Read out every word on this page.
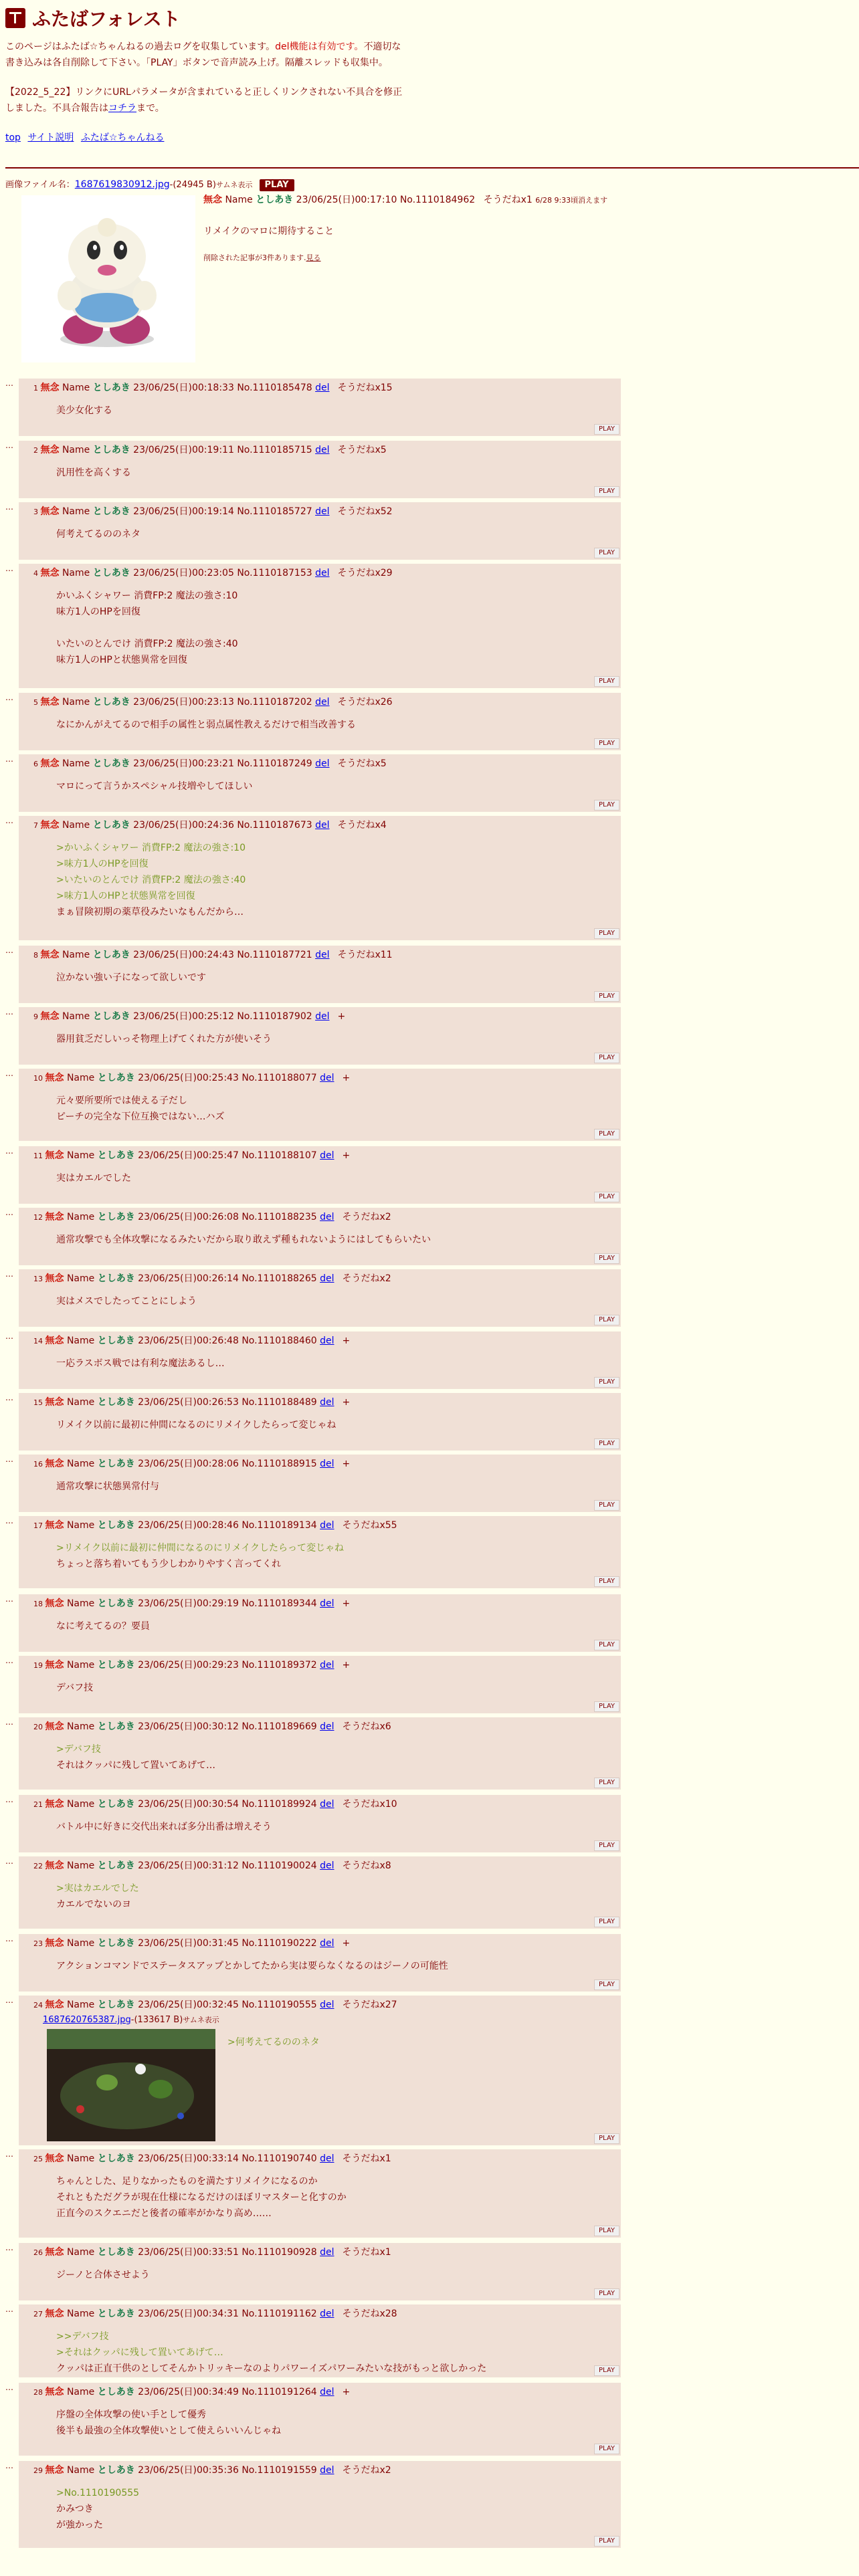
ふたばフォレスト

このページはふたば☆ちゃんねるの過去ログを収集しています。del機能は有効です。不適切な書き込みは各自削除して下さい。「PLAY」ボタンで音声読み上げ。隔離スレッドも収集中。

【2022_5_22】リンクにURLパラメータが含まれていると正しくリンクされない不具合を修正しました。不具合報告はコチラまで。

top サイト説明 ふたば☆ちゃんねる

画像ファイル名：1687619830912.jpg-(24945 B)サムネ表示 PLAY
無念 Name としあき 23/06/25(日)00:17:10 No.1110184962 そうだねx1 6/28 9:33頃消えます
リメイクのマロに期待すること
削除された記事が3件あります.見る
…
1 無念 Name としあき 23/06/25(日)00:18:33 No.1110185478 del そうだねx15
美少女化する
PLAY
…
2 無念 Name としあき 23/06/25(日)00:19:11 No.1110185715 del そうだねx5
汎用性を高くする
PLAY
…
3 無念 Name としあき 23/06/25(日)00:19:14 No.1110185727 del そうだねx52
何考えてるののネタ
PLAY
…
4 無念 Name としあき 23/06/25(日)00:23:05 No.1110187153 del そうだねx29
かいふくシャワー 消費FP:2 魔法の強さ:10
味方1人のHPを回復

いたいのとんでけ 消費FP:2 魔法の強さ:40
味方1人のHPと状態異常を回復
PLAY
…
5 無念 Name としあき 23/06/25(日)00:23:13 No.1110187202 del そうだねx26
なにかんがえてるので相手の属性と弱点属性教えるだけで相当改善する
PLAY
…
6 無念 Name としあき 23/06/25(日)00:23:21 No.1110187249 del そうだねx5
マロにって言うかスペシャル技増やしてほしい
PLAY
…
7 無念 Name としあき 23/06/25(日)00:24:36 No.1110187673 del そうだねx4
>かいふくシャワー 消費FP:2 魔法の強さ:10
>味方1人のHPを回復
>いたいのとんでけ 消費FP:2 魔法の強さ:40
>味方1人のHPと状態異常を回復
まぁ冒険初期の薬草役みたいなもんだから…
PLAY
…
8 無念 Name としあき 23/06/25(日)00:24:43 No.1110187721 del そうだねx11
泣かない強い子になって欲しいです
PLAY
…
9 無念 Name としあき 23/06/25(日)00:25:12 No.1110187902 del +
器用貧乏だしいっそ物理上げてくれた方が使いそう
PLAY
…
10 無念 Name としあき 23/06/25(日)00:25:43 No.1110188077 del +
元々要所要所では使える子だし
ピーチの完全な下位互換ではない…ハズ
PLAY
…
11 無念 Name としあき 23/06/25(日)00:25:47 No.1110188107 del +
実はカエルでした
PLAY
…
12 無念 Name としあき 23/06/25(日)00:26:08 No.1110188235 del そうだねx2
通常攻撃でも全体攻撃になるみたいだから取り敢えず種もれないようにはしてもらいたい
PLAY
…
13 無念 Name としあき 23/06/25(日)00:26:14 No.1110188265 del そうだねx2
実はメスでしたってことにしよう
PLAY
…
14 無念 Name としあき 23/06/25(日)00:26:48 No.1110188460 del +
一応ラスボス戦では有利な魔法あるし…
PLAY
…
15 無念 Name としあき 23/06/25(日)00:26:53 No.1110188489 del +
リメイク以前に最初に仲間になるのにリメイクしたらって変じゃね
PLAY
…
16 無念 Name としあき 23/06/25(日)00:28:06 No.1110188915 del +
通常攻撃に状態異常付与
PLAY
…
17 無念 Name としあき 23/06/25(日)00:28:46 No.1110189134 del そうだねx55
>リメイク以前に最初に仲間になるのにリメイクしたらって変じゃね
ちょっと落ち着いてもう少しわかりやすく言ってくれ
PLAY
…
18 無念 Name としあき 23/06/25(日)00:29:19 No.1110189344 del +
なに考えてるの？要員
PLAY
…
19 無念 Name としあき 23/06/25(日)00:29:23 No.1110189372 del +
デバフ技
PLAY
…
20 無念 Name としあき 23/06/25(日)00:30:12 No.1110189669 del そうだねx6
>デバフ技
それはクッパに残して置いてあげて…
PLAY
…
21 無念 Name としあき 23/06/25(日)00:30:54 No.1110189924 del そうだねx10
バトル中に好きに交代出来れば多分出番は増えそう
PLAY
…
22 無念 Name としあき 23/06/25(日)00:31:12 No.1110190024 del そうだねx8
>実はカエルでした
カエルでないのヨ
PLAY
…
23 無念 Name としあき 23/06/25(日)00:31:45 No.1110190222 del +
アクションコマンドでステータスアップとかしてたから実は要らなくなるのはジーノの可能性
PLAY
…
24 無念 Name としあき 23/06/25(日)00:32:45 No.1110190555 del そうだねx27
1687620765387.jpg-(133617 B)サムネ表示
>何考えてるののネタ
PLAY
…
25 無念 Name としあき 23/06/25(日)00:33:14 No.1110190740 del そうだねx1
ちゃんとした、足りなかったものを満たすリメイクになるのか
それともただグラが現在仕様になるだけのほぼリマスターと化すのか
正直今のスクエニだと後者の確率がかなり高め……
PLAY
…
26 無念 Name としあき 23/06/25(日)00:33:51 No.1110190928 del そうだねx1
ジーノと合体させよう
PLAY
…
27 無念 Name としあき 23/06/25(日)00:34:31 No.1110191162 del そうだねx28
>>デバフ技
>それはクッパに残して置いてあげて…
クッパは正直干供のとしてそんかトリッキーなのよりパワーイズパワーみたいな技がもっと欲しかった	PLAY
…
28 無念 Name としあき 23/06/25(日)00:34:49 No.1110191264 del +
序盤の全体攻撃の使い手として優秀
後半も最強の全体攻撃使いとして使えらいいんじゃね
PLAY
…
29 無念 Name としあき 23/06/25(日)00:35:36 No.1110191559 del そうだねx2
>No.1110190555
かみつき
が強かった
PLAY
